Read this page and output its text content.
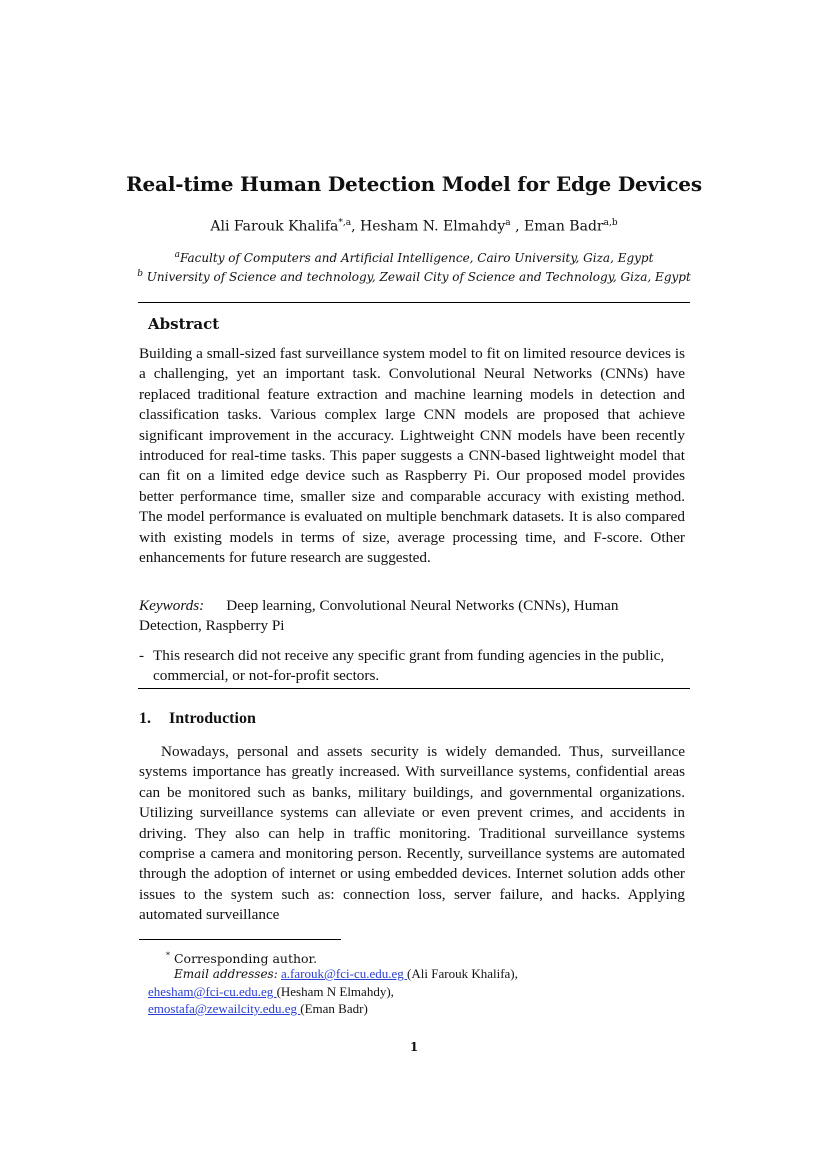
Real-time Human Detection Model for Edge Devices
Ali Farouk Khalifa$^{*,a}$, Hesham N. Elmahdy$^a$ , Eman Badr$^{a,b}$
$^a$Faculty of Computers and Artificial Intelligence, Cairo University, Giza, Egypt
$^b$ University of Science and technology, Zewail City of Science and Technology, Giza, Egypt
Abstract
Building a small-sized fast surveillance system model to fit on limited resource devices is a challenging, yet an important task. Convolutional Neural Networks (CNNs) have replaced traditional feature extraction and machine learning models in detection and classification tasks. Various complex large CNN models are proposed that achieve significant improvement in the accuracy. Lightweight CNN models have been recently introduced for real-time tasks. This paper suggests a CNN-based lightweight model that can fit on a limited edge device such as Raspberry Pi. Our proposed model provides better performance time, smaller size and comparable accuracy with existing method. The model performance is evaluated on multiple benchmark datasets. It is also compared with existing models in terms of size, average processing time, and F-score. Other enhancements for future research are suggested.
Keywords: Deep learning, Convolutional Neural Networks (CNNs), Human Detection, Raspberry Pi
- This research did not receive any specific grant from funding agencies in the public, commercial, or not-for-profit sectors.
1. Introduction
Nowadays, personal and assets security is widely demanded. Thus, surveillance systems importance has greatly increased. With surveillance systems, confidential areas can be monitored such as banks, military buildings, and governmental organizations. Utilizing surveillance systems can alleviate or even prevent crimes, and accidents in driving. They also can help in traffic monitoring. Traditional surveillance systems comprise a camera and monitoring person. Recently, surveillance systems are automated through the adoption of internet or using embedded devices. Internet solution adds other issues to the system such as: connection loss, server failure, and hacks. Applying automated surveillance
* Corresponding author.
Email addresses: a.farouk@fci-cu.edu.eg (Ali Farouk Khalifa),
ehesham@fci-cu.edu.eg (Hesham N Elmahdy),
emostafa@zewailcity.edu.eg (Eman Badr)
1
